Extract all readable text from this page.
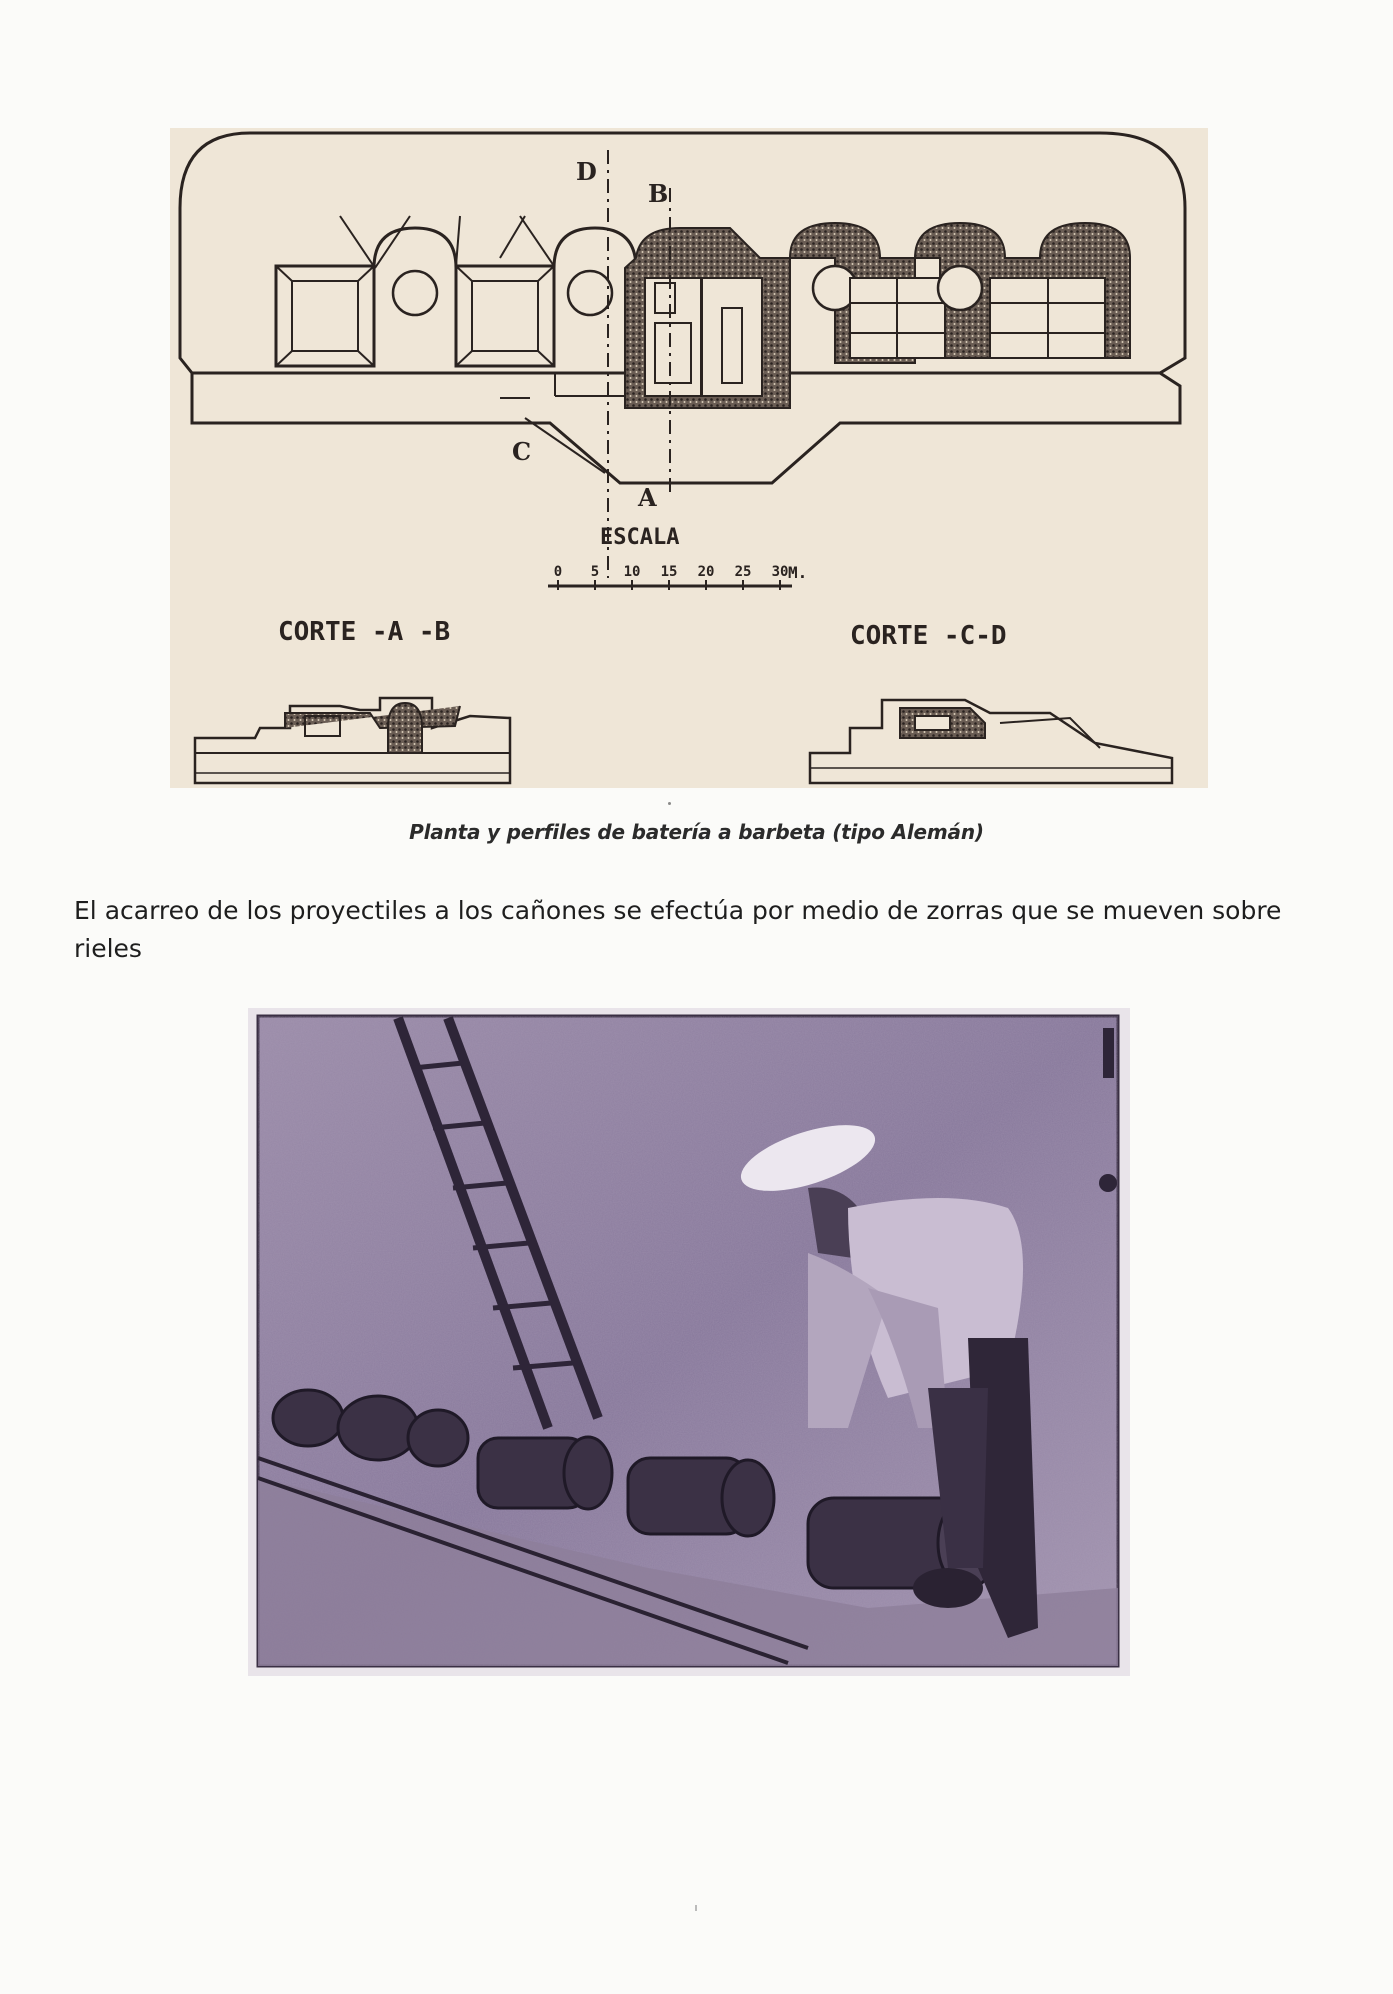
D
B
C
A
ESCALA
0 5 10 15 20 25 30 M.
CORTE -A -B	CORTE -C-D
Planta y perfiles de batería a barbeta (tipo Alemán)
El acarreo de los proyectiles a los cañones se efectúa por medio de zorras que se mueven sobre rieles
